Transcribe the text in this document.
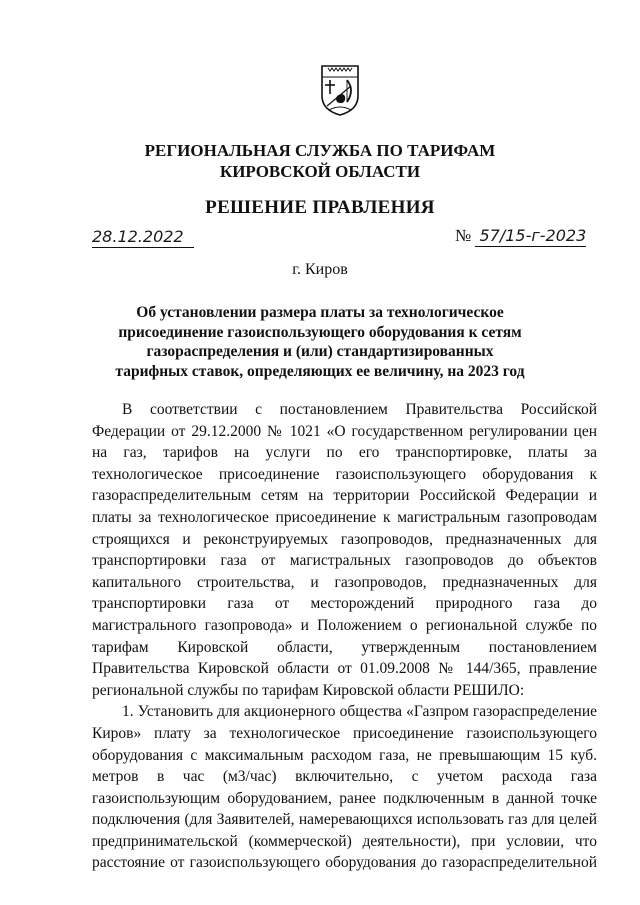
РЕГИОНАЛЬНАЯ СЛУЖБА ПО ТАРИФАМ
КИРОВСКОЙ ОБЛАСТИ
РЕШЕНИЕ ПРАВЛЕНИЯ
28.12.2022	№ 57/15-г-2023
г. Киров
Об установлении размера платы за технологическое присоединение газоиспользующего оборудования к сетям газораспределения и (или) стандартизированных тарифных ставок, определяющих ее величину, на 2023 год

В соответствии с постановлением Правительства Российской Федерации от 29.12.2000 № 1021 «О государственном регулировании цен на газ, тарифов на услуги по его транспортировке, платы за технологическое присоединение газоиспользующего оборудования к газораспределительным сетям на территории Российской Федерации и платы за технологическое присоединение к магистральным газопроводам строящихся и реконструируемых газопроводов, предназначенных для транспортировки газа от магистральных газопроводов до объектов капитального строительства, и газопроводов, предназначенных для транспортировки газа от месторождений природного газа до магистрального газопровода» и Положением о региональной службе по тарифам Кировской области, утвержденным постановлением Правительства Кировской области от 01.09.2008 № 144/365, правление региональной службы по тарифам Кировской области РЕШИЛО:

1. Установить для акционерного общества «Газпром газораспределение Киров» плату за технологическое присоединение газоиспользующего оборудования с максимальным расходом газа, не превышающим 15 куб. метров в час (м3/час) включительно, с учетом расхода газа газоиспользующим оборудованием, ранее подключенным в данной точке подключения (для Заявителей, намеревающихся использовать газ для целей предпринимательской (коммерческой) деятельности), при условии, что расстояние от газоиспользующего оборудования до газораспределительной
